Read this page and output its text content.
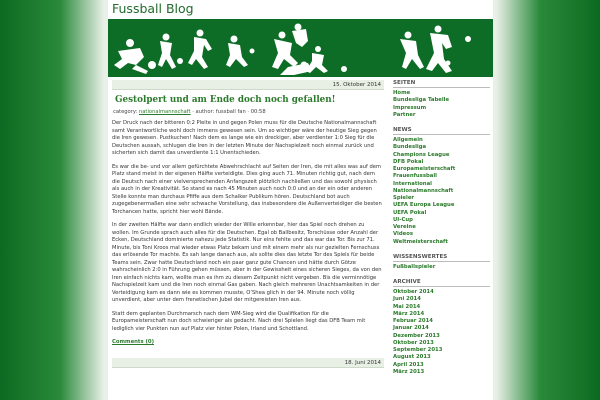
Fussball Blog
15. Oktober 2014
Gestolpert und am Ende doch noch gefallen!
category: nationalmannschaft · author: fussball fan · 00:58

Der Druck nach der bitteren 0:2 Pleite in und gegen Polen muss für die Deutsche Nationalmannschaft samt Verantwortliche wohl doch immens gewesen sein. Um so wichtiger wäre der heutige Sieg gegen die Iren gewesen. Pustkuchen! Nach dem es lange wie ein dreckiger, aber verdienter 1:0 Sieg für die Deutschen aussah, schlugen die Iren in der letzten Minute der Nachspielzeit noch einmal zurück und sicherten sich damit das unverdiente 1:1 Unentschieden.

Es war die be- und vor allem gefürchtete Abwehrschlacht auf Seiten der Iren, die mit alles was auf dem Platz stand meist in der eigenen Hälfte verteidigte. Dies ging auch 71. Minuten richtig gut, nach dem die Deutsch nach einer vielversprechenden Anfangszeit plötzlich nachließen und das sowohl physisch als auch in der Kreativität. So stand es nach 45 Minuten auch noch 0:0 und an der ein oder anderen Stelle konnte man durchaus Pfiffe aus dem Schalker Publikum hören. Deutschland bot auch zugegebenermaßen eine sehr schwache Vorstellung, das insbesondere die Außenverteidiger die besten Torchancen hatte, spricht hier wohl Bände.

In der zweiten Hälfte war dann endlich wieder der Wille erkennbar, hier das Spiel noch drehen zu wollen. Im Grunde sprach auch alles für die Deutschen. Egal ob Ballbesitz, Torschüsse oder Anzahl der Ecken, Deutschland dominierte nahezu jede Statistik. Nur eins fehlte und das war das Tor. Bis zur 71. Minute, bis Toni Kroos mal wieder etwas Platz bekam und mit einem mehr als nur gezielten Fernschuss das erlösende Tor machte. Es sah lange danach aus, als sollte dies das letzte Tor des Spiels für beide Teams sein. Zwar hatte Deutschland noch ein paar ganz gute Chancen und hätte durch Götze wahrscheinlich 2:0 in Führung gehen müssen, aber in der Gewissheit eines sicheren Sieges, da von den Iren einfach nichts kam, wollte man es ihm zu diesem Zeitpunkt nicht vergeben. Bis die verminnötige Nachspielzeit kam und die Iren noch einmal Gas gaben. Nach gleich mehreren Unachtsamkeiten in der Verteidigung kam es dann wie es kommen musste, O’Shea glich in der 94. Minute noch völlig unverdient, aber unter dem frenetischen Jubel der mitgereisten Iren aus.

Statt dem geplanten Durchmarsch nach dem WM-Sieg wird die Qualifikation für die Europameisterschaft nun doch schwieriger als gedacht. Nach drei Spielen liegt das DFB Team mit lediglich vier Punkten nun auf Platz vier hinter Polen, Irland und Schottland.

Comments (0)
18. Juni 2014
SEITEN
Home
Bundesliga Tabelle
Impressum
Partner
NEWS
Allgemein
Bundesliga
Champions League
DFB Pokal
Europameisterschaft
Frauenfussball
International
Nationalmannschaft
Spieler
UEFA Europa League
UEFA Pokal
UI-Cup
Vereine
Videos
Weltmeisterschaft
WISSENSWERTES
Fußballspieler
ARCHIVE
Oktober 2014
Juni 2014
Mai 2014
März 2014
Februar 2014
Januar 2014
Dezember 2013
Oktober 2013
September 2013
August 2013
April 2013
März 2013
